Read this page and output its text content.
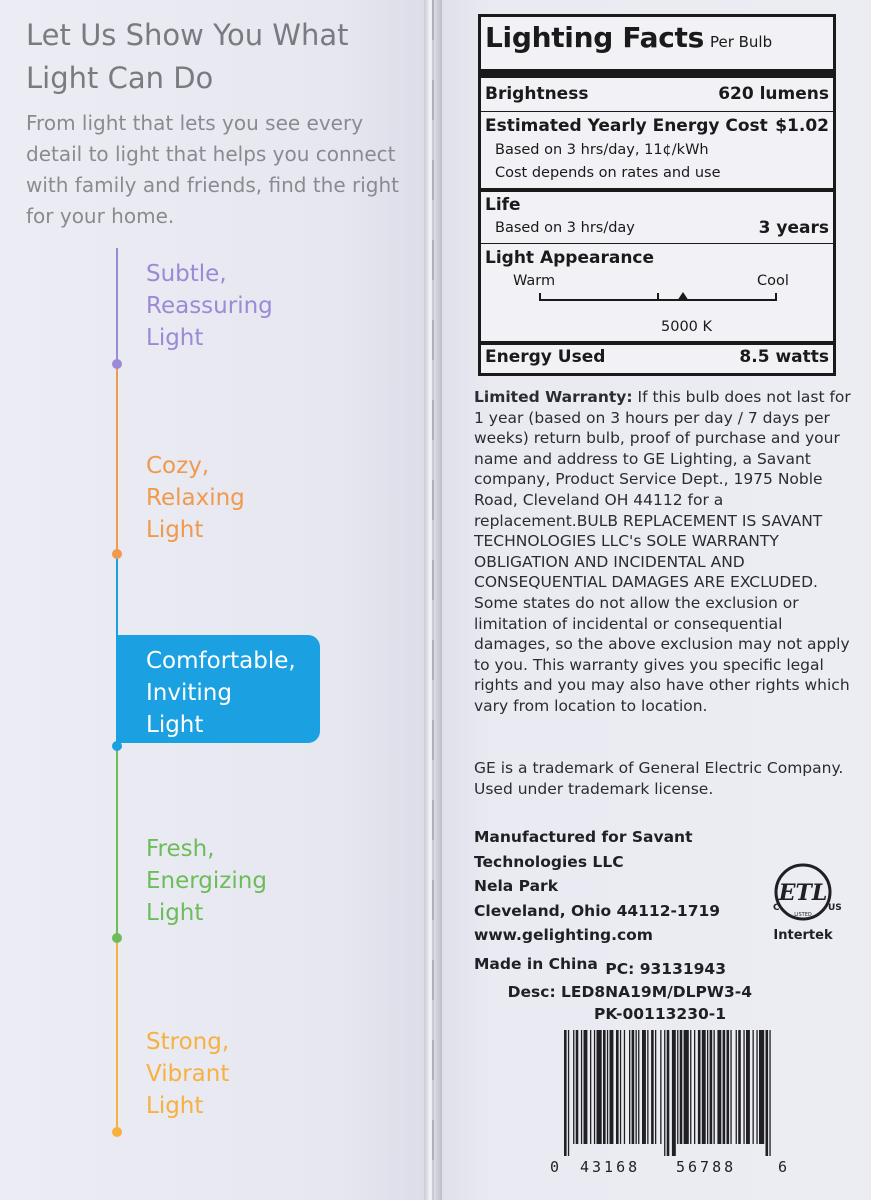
Let Us Show You What Light Can Do

From light that lets you see every detail to light that helps you connect with family and friends, find the right for your home.

Subtle,
Reassuring
Light

Cozy,
Relaxing
Light

Comfortable,
Inviting
Light

Fresh,
Energizing
Light

Strong,
Vibrant
Light

Lighting Facts Per Bulb
Brightness	620 lumens
Estimated Yearly Energy Cost $1.02
Based on 3 hrs/day, 11¢/kWh
Cost depends on rates and use
Life
Based on 3 hrs/day	3 years
Light Appearance
Warm	Cool
5000 K
Energy Used	8.5 watts

Limited Warranty: If this bulb does not last for 1 year (based on 3 hours per day / 7 days per weeks) return bulb, proof of purchase and your name and address to GE Lighting, a Savant company, Product Service Dept., 1975 Noble Road, Cleveland OH 44112 for a replacement.BULB REPLACEMENT IS SAVANT TECHNOLOGIES LLC's SOLE WARRANTY OBLIGATION AND INCIDENTAL AND CONSEQUENTIAL DAMAGES ARE EXCLUDED. Some states do not allow the exclusion or limitation of incidental or consequential damages, so the above exclusion may not apply to you. This warranty gives you specific legal rights and you may also have other rights which vary from location to location.

GE is a trademark of General Electric Company. Used under trademark license.

Manufactured for Savant Technologies LLC
Nela Park
Cleveland, Ohio 44112-1719
www.gelighting.com
Made in China

ETL
C	US
LISTED
Intertek
PC: 93131943
Desc: LED8NA19M/DLPW3-4
PK-00113230-1
0 43168 56788	6
